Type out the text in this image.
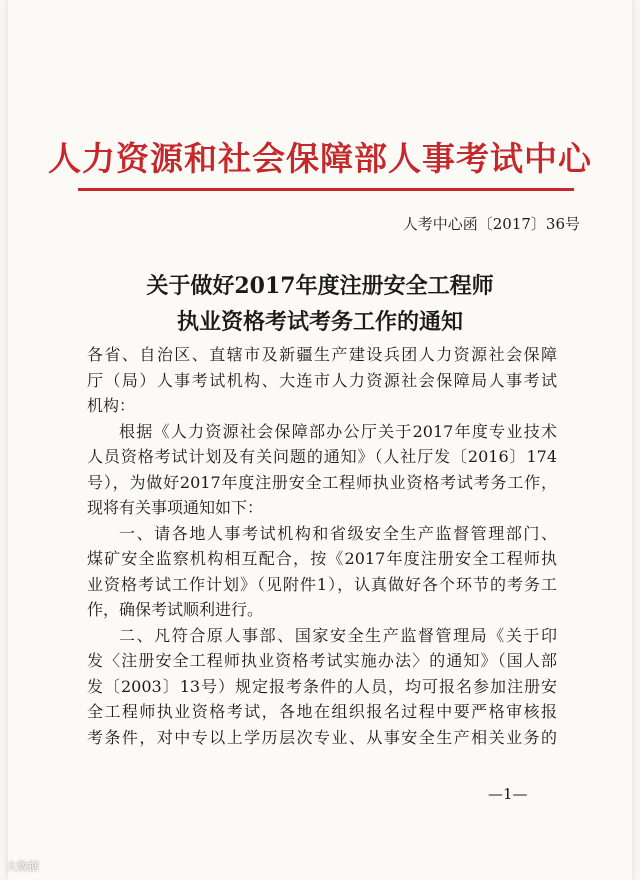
人力资源和社会保障部人事考试中心
人考中心函〔2017〕36号
关于做好2017年度注册安全工程师
执业资格考试考务工作的通知
各省、自治区、直辖市及新疆生产建设兵团人力资源社会保障
厅（局）人事考试机构、大连市人力资源社会保障局人事考试
机构：
根据《人力资源社会保障部办公厅关于2017年度专业技术
人员资格考试计划及有关问题的通知》（人社厅发〔2016〕174
号），为做好2017年度注册安全工程师执业资格考试考务工作，
现将有关事项通知如下：
一、请各地人事考试机构和省级安全生产监督管理部门、
煤矿安全监察机构相互配合，按《2017年度注册安全工程师执
业资格考试工作计划》（见附件1），认真做好各个环节的考务工
作，确保考试顺利进行。
二、凡符合原人事部、国家安全生产监督管理局《关于印
发〈注册安全工程师执业资格考试实施办法〉的通知》（国人部
发〔2003〕13号）规定报考条件的人员，均可报名参加注册安
全工程师执业资格考试，各地在组织报名过程中要严格审核报
考条件，对中专以上学历层次专业、从事安全生产相关业务的
—1—
大数据
